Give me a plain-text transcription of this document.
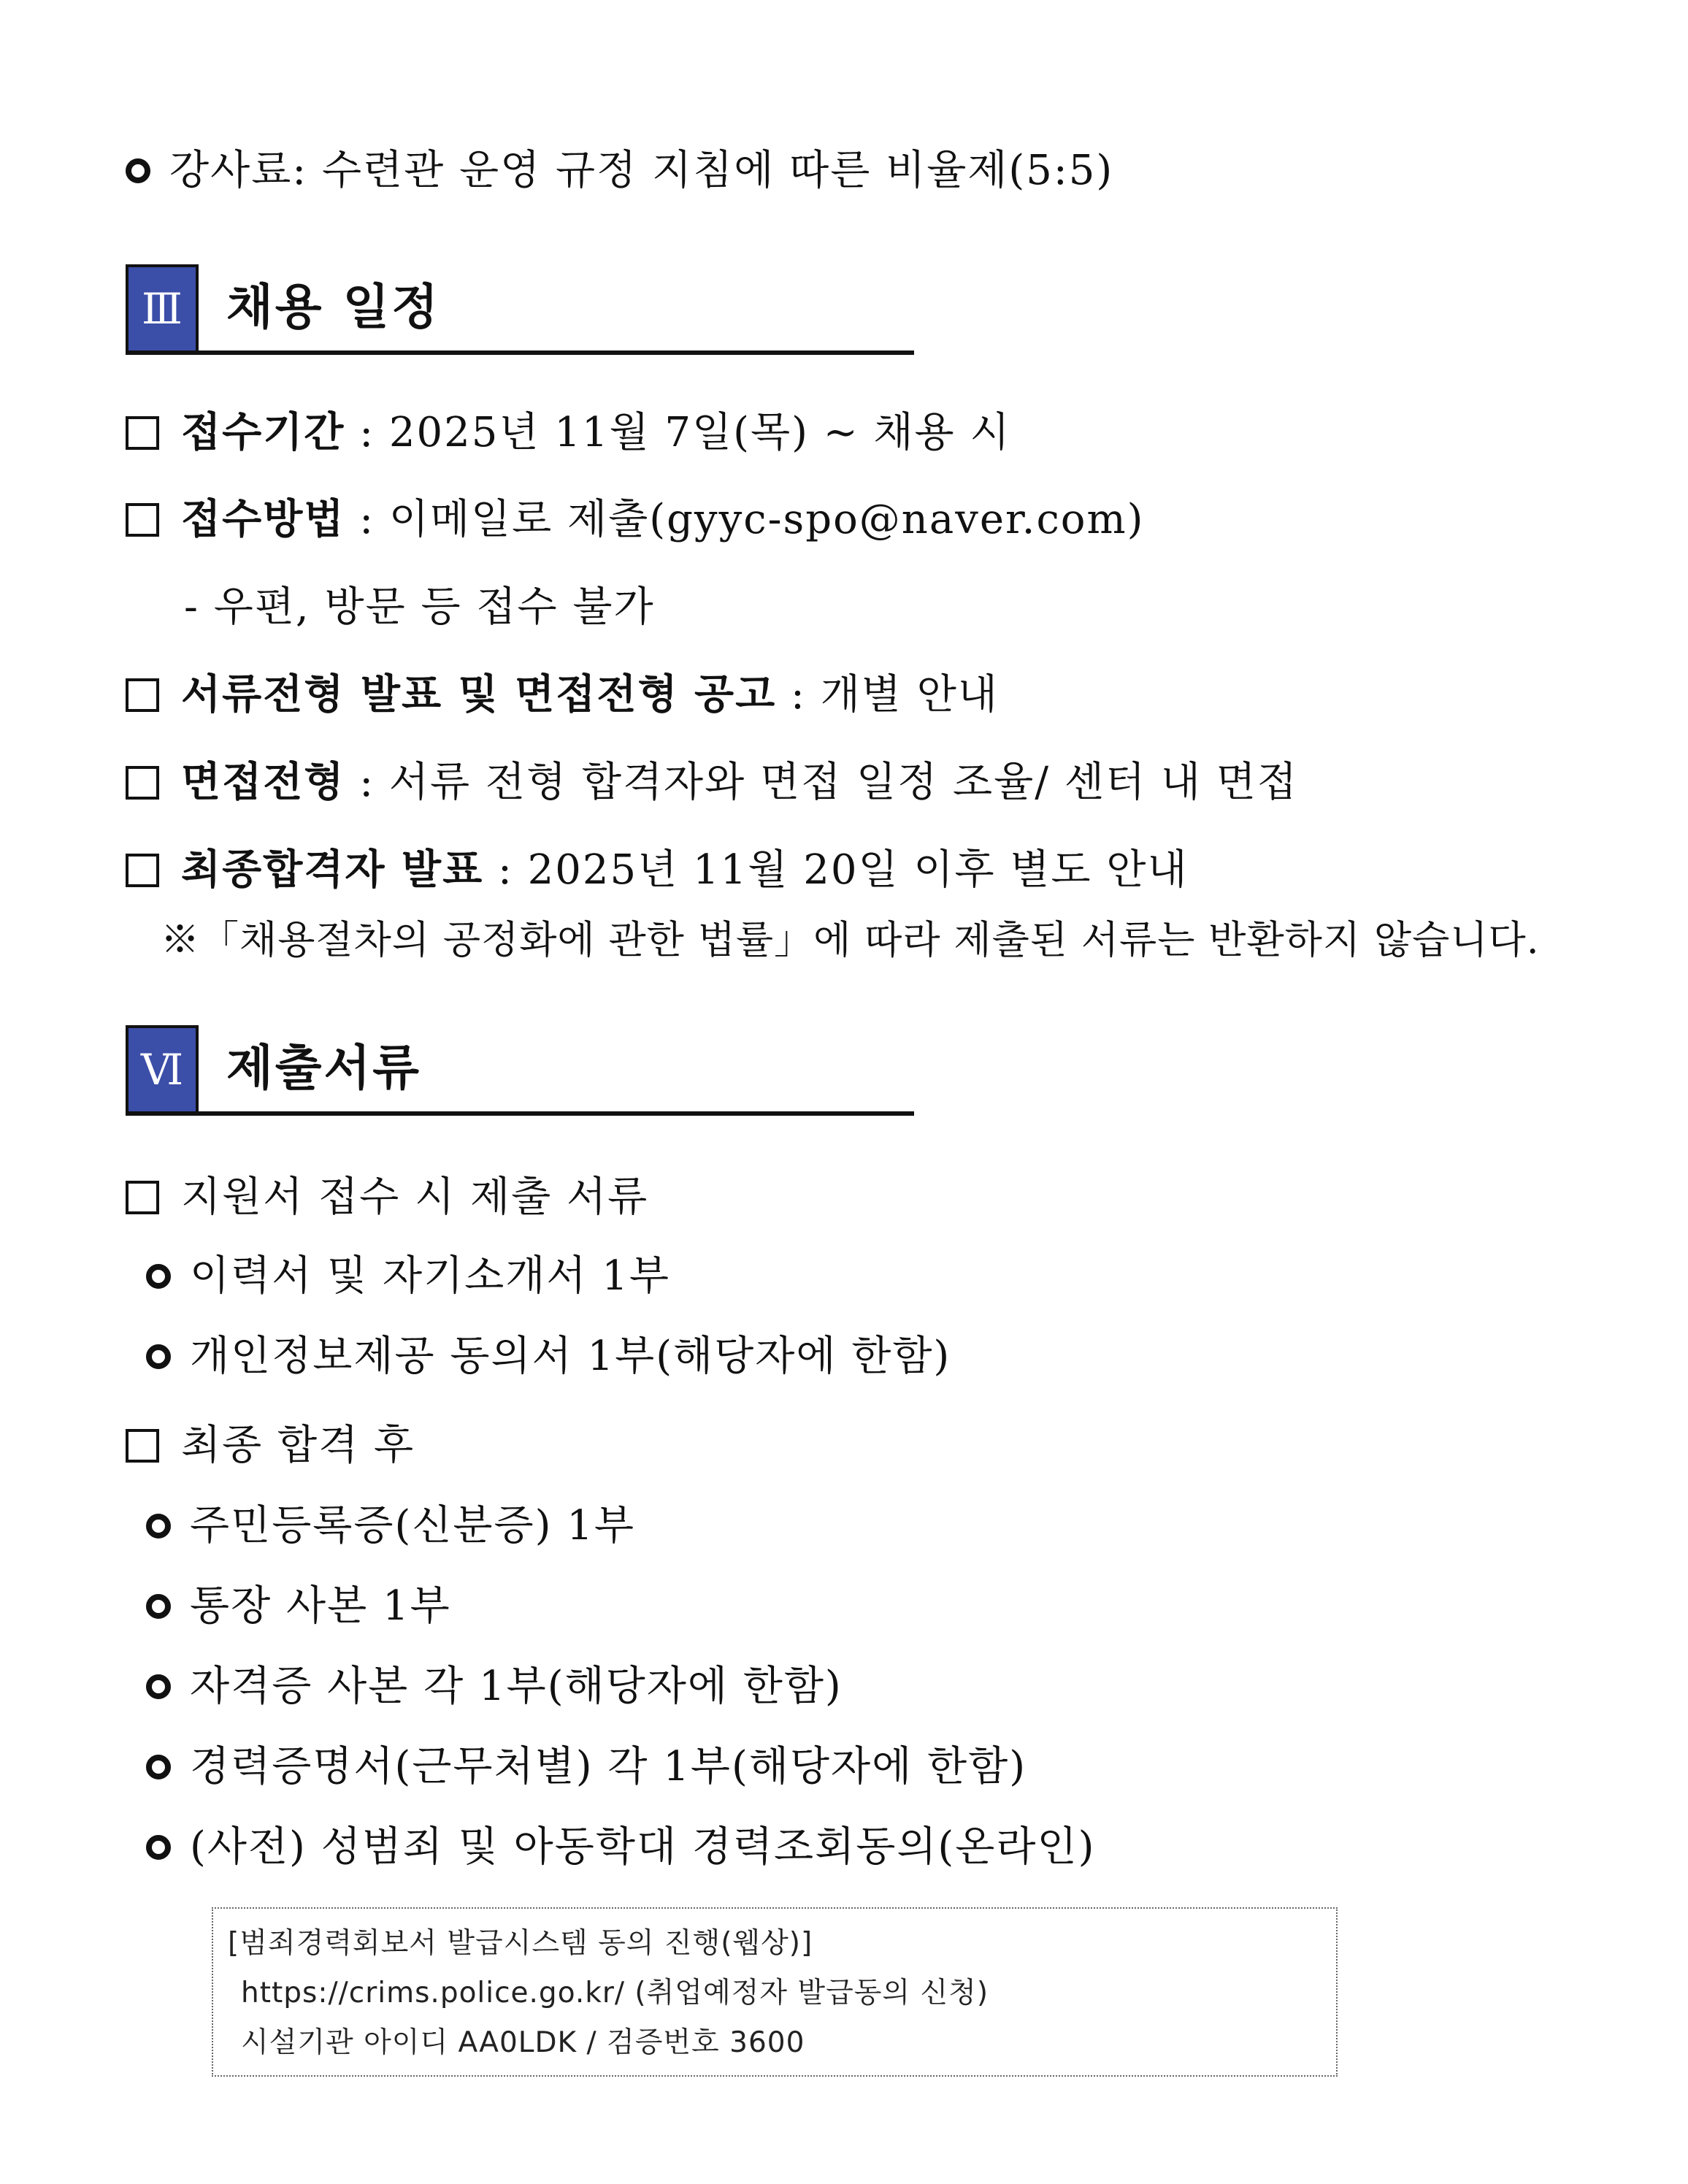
강사료: 수련관 운영 규정 지침에 따른 비율제(5:5)
Ⅲ 채용 일정
접수기간 : 2025년 11월 7일(목) ~ 채용 시
접수방법 : 이메일로 제출(gyyc-spo@naver.com)
- 우편, 방문 등 접수 불가
서류전형 발표 및 면접전형 공고 : 개별 안내
면접전형 : 서류 전형 합격자와 면접 일정 조율/ 센터 내 면접
최종합격자 발표 : 2025년 11월 20일 이후 별도 안내
※「채용절차의 공정화에 관한 법률」에 따라 제출된 서류는 반환하지 않습니다.
Ⅵ 제출서류
지원서 접수 시 제출 서류
이력서 및 자기소개서 1부
개인정보제공 동의서 1부(해당자에 한함)
최종 합격 후
주민등록증(신분증) 1부
통장 사본 1부
자격증 사본 각 1부(해당자에 한함)
경력증명서(근무처별) 각 1부(해당자에 한함)
(사전) 성범죄 및 아동학대 경력조회동의(온라인)
[범죄경력회보서 발급시스템 동의 진행(웹상)]
https://crims.police.go.kr/ (취업예정자 발급동의 신청)
시설기관 아이디 AA0LDK / 검증번호 3600
